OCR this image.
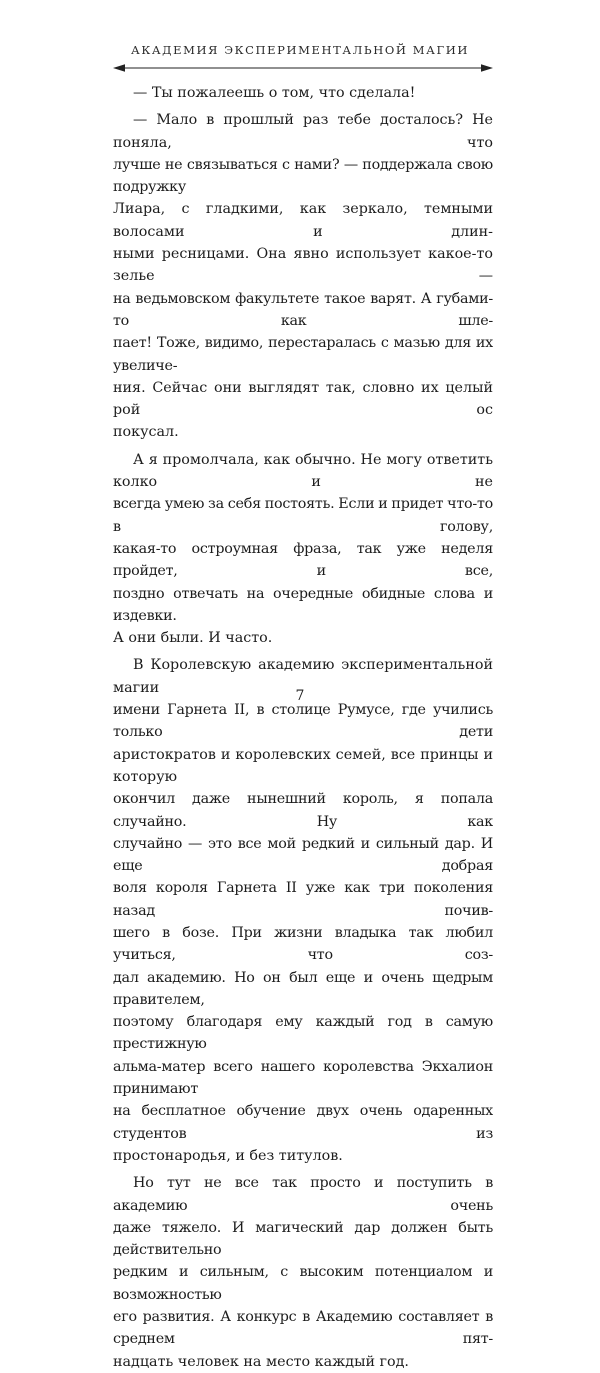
АКАДЕМИЯ ЭКСПЕРИМЕНТАЛЬНОЙ МАГИИ

— Ты пожалеешь о том, что сделала!

— Мало в прошлый раз тебе досталось? Не поняла, что

лучше не связываться с нами? — поддержала свою подружку

Лиара, с гладкими, как зеркало, темными волосами и длин-

ными ресницами. Она явно использует какое-то зелье —

на ведьмовском факультете такое варят. А губами-то как шле-

пает! Тоже, видимо, перестаралась с мазью для их увеличе-

ния. Сейчас они выглядят так, словно их целый рой ос

покусал.

А я промолчала, как обычно. Не могу ответить колко и не

всегда умею за себя постоять. Если и придет что-то в голову,

какая-то остроумная фраза, так уже неделя пройдет, и все,

поздно отвечать на очередные обидные слова и издевки.

А они были. И часто.

В Королевскую академию экспериментальной магии

имени Гарнета II, в столице Румусе, где учились только дети

аристократов и королевских семей, все принцы и которую

окончил даже нынешний король, я попала случайно. Ну как

случайно — это все мой редкий и сильный дар. И еще добрая

воля короля Гарнета II уже как три поколения назад почив-

шего в бозе. При жизни владыка так любил учиться, что соз-

дал академию. Но он был еще и очень щедрым правителем,

поэтому благодаря ему каждый год в самую престижную

альма-матер всего нашего королевства Экхалион принимают

на бесплатное обучение двух очень одаренных студентов из

простонародья, и без титулов.

Но тут не все так просто и поступить в академию очень

даже тяжело. И магический дар должен быть действительно

редким и сильным, с высоким потенциалом и возможностью

его развития. А конкурс в Академию составляет в среднем пят-

надцать человек на место каждый год.

7
